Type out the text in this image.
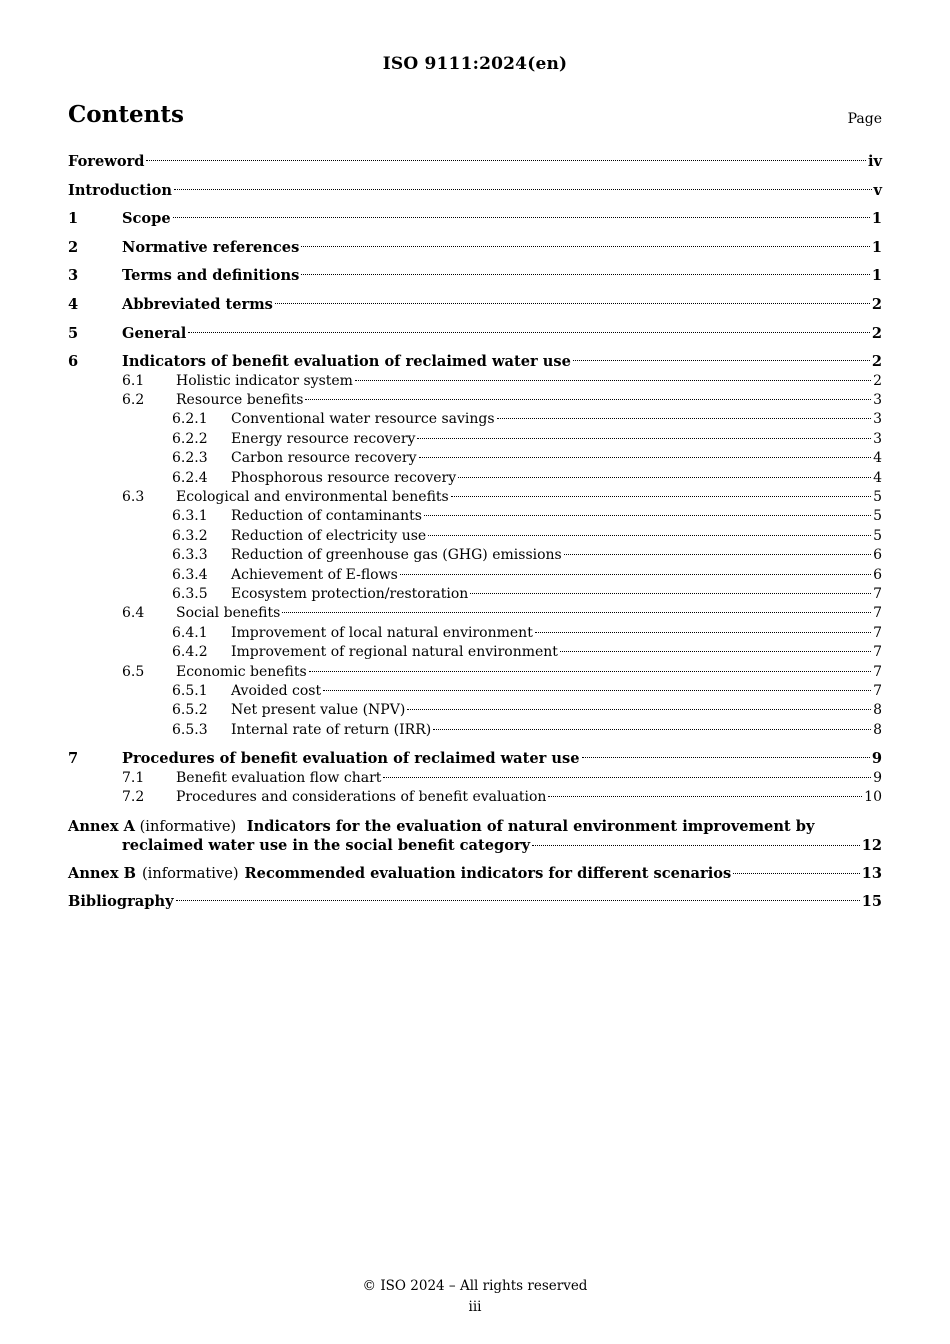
ISO 9111:2024(en)
Contents	Page
Foreword	iv
Introduction	v
1	Scope	1
2	Normative references	1
3	Terms and definitions	1
4	Abbreviated terms	2
5	General	2
6	Indicators of benefit evaluation of reclaimed water use	2
6.1	Holistic indicator system	2
6.2	Resource benefits	3
6.2.1	Conventional water resource savings	3
6.2.2	Energy resource recovery	3
6.2.3	Carbon resource recovery	4
6.2.4	Phosphorous resource recovery	4
6.3	Ecological and environmental benefits	5
6.3.1	Reduction of contaminants	5
6.3.2	Reduction of electricity use	5
6.3.3	Reduction of greenhouse gas (GHG) emissions	6
6.3.4	Achievement of E-flows	6
6.3.5	Ecosystem protection/restoration	7
6.4	Social benefits	7
6.4.1	Improvement of local natural environment	7
6.4.2	Improvement of regional natural environment	7
6.5	Economic benefits	7
6.5.1	Avoided cost	7
6.5.2	Net present value (NPV)	8
6.5.3	Internal rate of return (IRR)	8
7	Procedures of benefit evaluation of reclaimed water use	9
7.1	Benefit evaluation flow chart	9
7.2	Procedures and considerations of benefit evaluation	10
Annex A (informative) Indicators for the evaluation of natural environment improvement by
reclaimed water use in the social benefit category	12
Annex B (informative) Recommended evaluation indicators for different scenarios	13
Bibliography	15
© ISO 2024 – All rights reserved
iii
